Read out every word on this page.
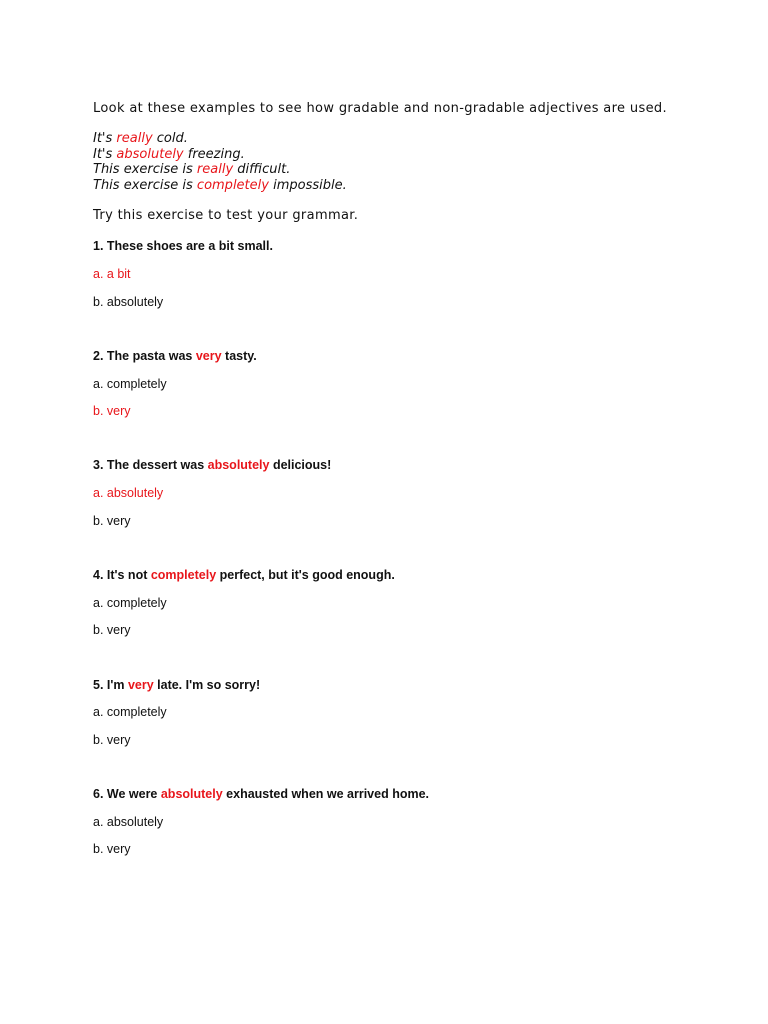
Look at these examples to see how gradable and non-gradable adjectives are used.
It's really cold.
It's absolutely freezing.
This exercise is really difficult.
This exercise is completely impossible.
Try this exercise to test your grammar.
1. These shoes are a bit small.
a. a bit
b. absolutely
2. The pasta was very tasty.
a. completely
b. very
3. The dessert was absolutely delicious!
a. absolutely
b. very
4. It's not completely perfect, but it's good enough.
a. completely
b. very
5. I'm very late. I'm so sorry!
a. completely
b. very
6. We were absolutely exhausted when we arrived home.
a. absolutely
b. very
